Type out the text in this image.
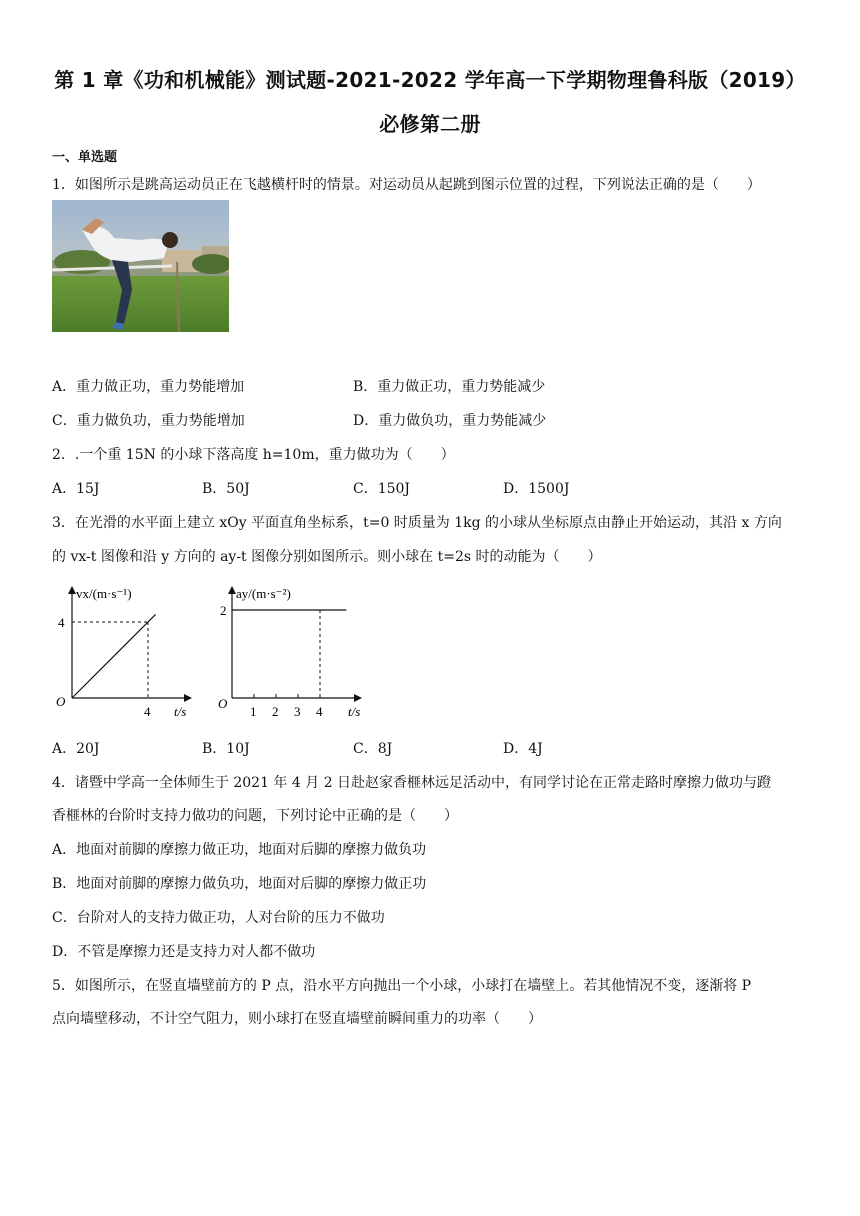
第 1 章《功和机械能》测试题-2021-2022 学年高一下学期物理鲁科版（2019）
必修第二册
一、单选题
1．如图所示是跳高运动员正在飞越横杆时的情景。对运动员从起跳到图示位置的过程，下列说法正确的是（　　）
A．重力做正功，重力势能增加	B．重力做正功，重力势能减少
C．重力做负功，重力势能增加	D．重力做负功，重力势能减少
2．.一个重 15N 的小球下落高度 h=10m，重力做功为（　　）
A．15J	B．50J	C．150J	D．1500J
3．在光滑的水平面上建立 xOy 平面直角坐标系，t=0 时质量为 1kg 的小球从坐标原点由静止开始运动，其沿 x 方向
的 vx-t 图像和沿 y 方向的 ay-t 图像分别如图所示。则小球在 t=2s 时的动能为（　　）
4
4
vx/(m·s⁻¹)
t/s
O
1 2 3 4
2
ay/(m·s⁻²)
t/s
O
A．20J	B．10J	C．8J	D．4J
4．诸暨中学高一全体师生于 2021 年 4 月 2 日赴赵家香榧林远足活动中，有同学讨论在正常走路时摩擦力做功与蹬
香榧林的台阶时支持力做功的问题，下列讨论中正确的是（　　）
A．地面对前脚的摩擦力做正功，地面对后脚的摩擦力做负功
B．地面对前脚的摩擦力做负功，地面对后脚的摩擦力做正功
C．台阶对人的支持力做正功，人对台阶的压力不做功
D．不管是摩擦力还是支持力对人都不做功
5．如图所示，在竖直墙壁前方的 P 点，沿水平方向抛出一个小球，小球打在墙壁上。若其他情况不变，逐渐将 P
点向墙壁移动，不计空气阻力，则小球打在竖直墙壁前瞬间重力的功率（　　）
